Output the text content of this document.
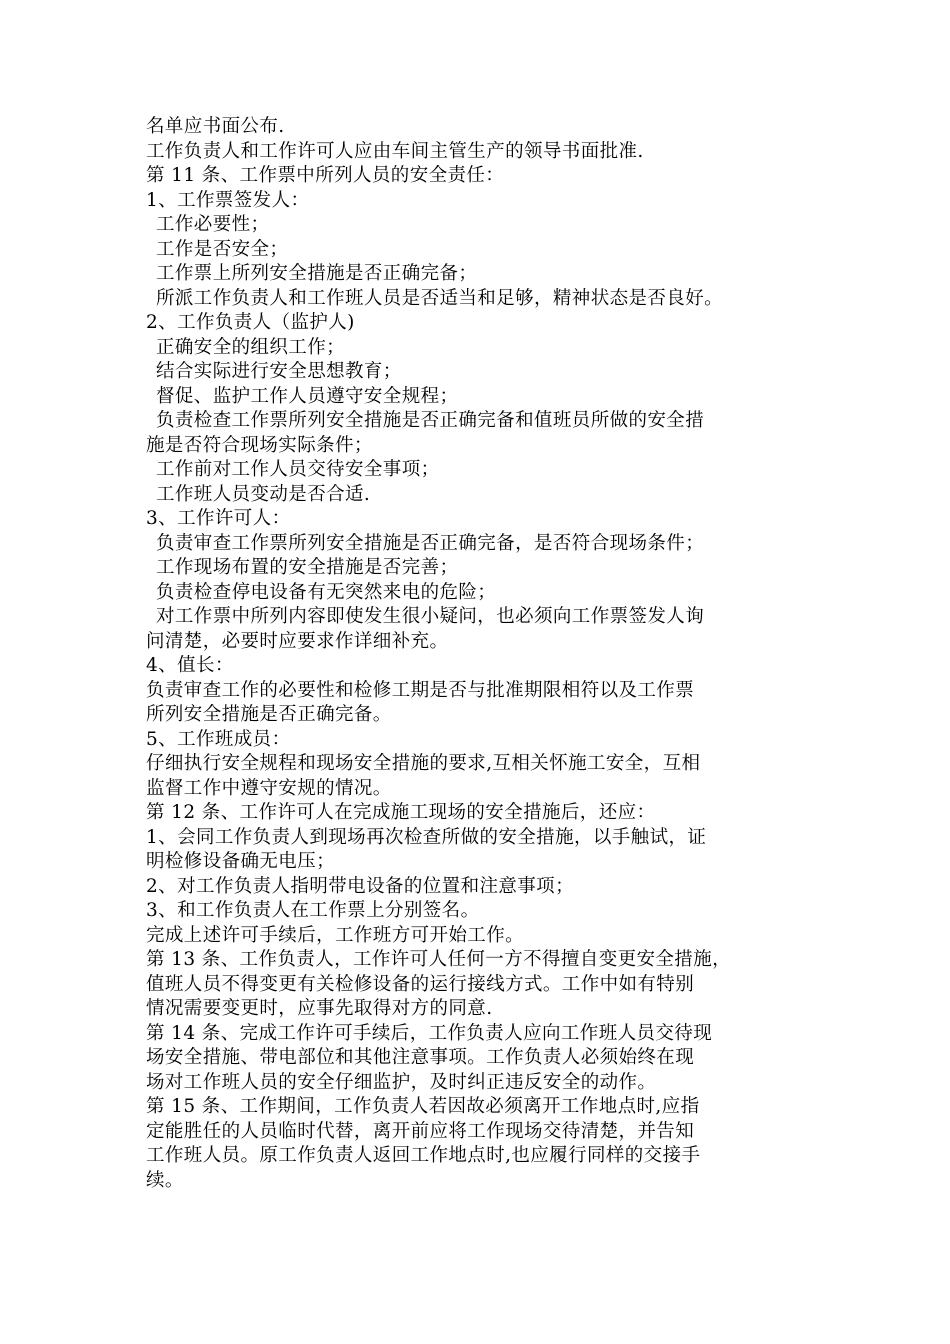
名单应书面公布.
工作负责人和工作许可人应由车间主管生产的领导书面批准.
第 11 条、工作票中所列人员的安全责任：
1、工作票签发人：
工作必要性；
工作是否安全；
工作票上所列安全措施是否正确完备；
所派工作负责人和工作班人员是否适当和足够，精神状态是否良好。
2、工作负责人（监护人)
正确安全的组织工作；
结合实际进行安全思想教育；
督促、监护工作人员遵守安全规程；
负责检查工作票所列安全措施是否正确完备和值班员所做的安全措
施是否符合现场实际条件；
工作前对工作人员交待安全事项；
工作班人员变动是否合适.
3、工作许可人：
负责审查工作票所列安全措施是否正确完备，是否符合现场条件；
工作现场布置的安全措施是否完善；
负责检查停电设备有无突然来电的危险；
对工作票中所列内容即使发生很小疑问，也必须向工作票签发人询
问清楚，必要时应要求作详细补充。
4、值长：
负责审查工作的必要性和检修工期是否与批准期限相符以及工作票
所列安全措施是否正确完备。
5、工作班成员：
仔细执行安全规程和现场安全措施的要求,互相关怀施工安全，互相
监督工作中遵守安规的情况。
第 12 条、工作许可人在完成施工现场的安全措施后，还应：
1、会同工作负责人到现场再次检查所做的安全措施，以手触试，证
明检修设备确无电压；
2、对工作负责人指明带电设备的位置和注意事项；
3、和工作负责人在工作票上分别签名。
完成上述许可手续后，工作班方可开始工作。
第 13 条、工作负责人，工作许可人任何一方不得擅自变更安全措施，
值班人员不得变更有关检修设备的运行接线方式。工作中如有特别
情况需要变更时，应事先取得对方的同意.
第 14 条、完成工作许可手续后，工作负责人应向工作班人员交待现
场安全措施、带电部位和其他注意事项。工作负责人必须始终在现
场对工作班人员的安全仔细监护，及时纠正违反安全的动作。
第 15 条、工作期间，工作负责人若因故必须离开工作地点时,应指
定能胜任的人员临时代替，离开前应将工作现场交待清楚，并告知
工作班人员。原工作负责人返回工作地点时,也应履行同样的交接手
续。
